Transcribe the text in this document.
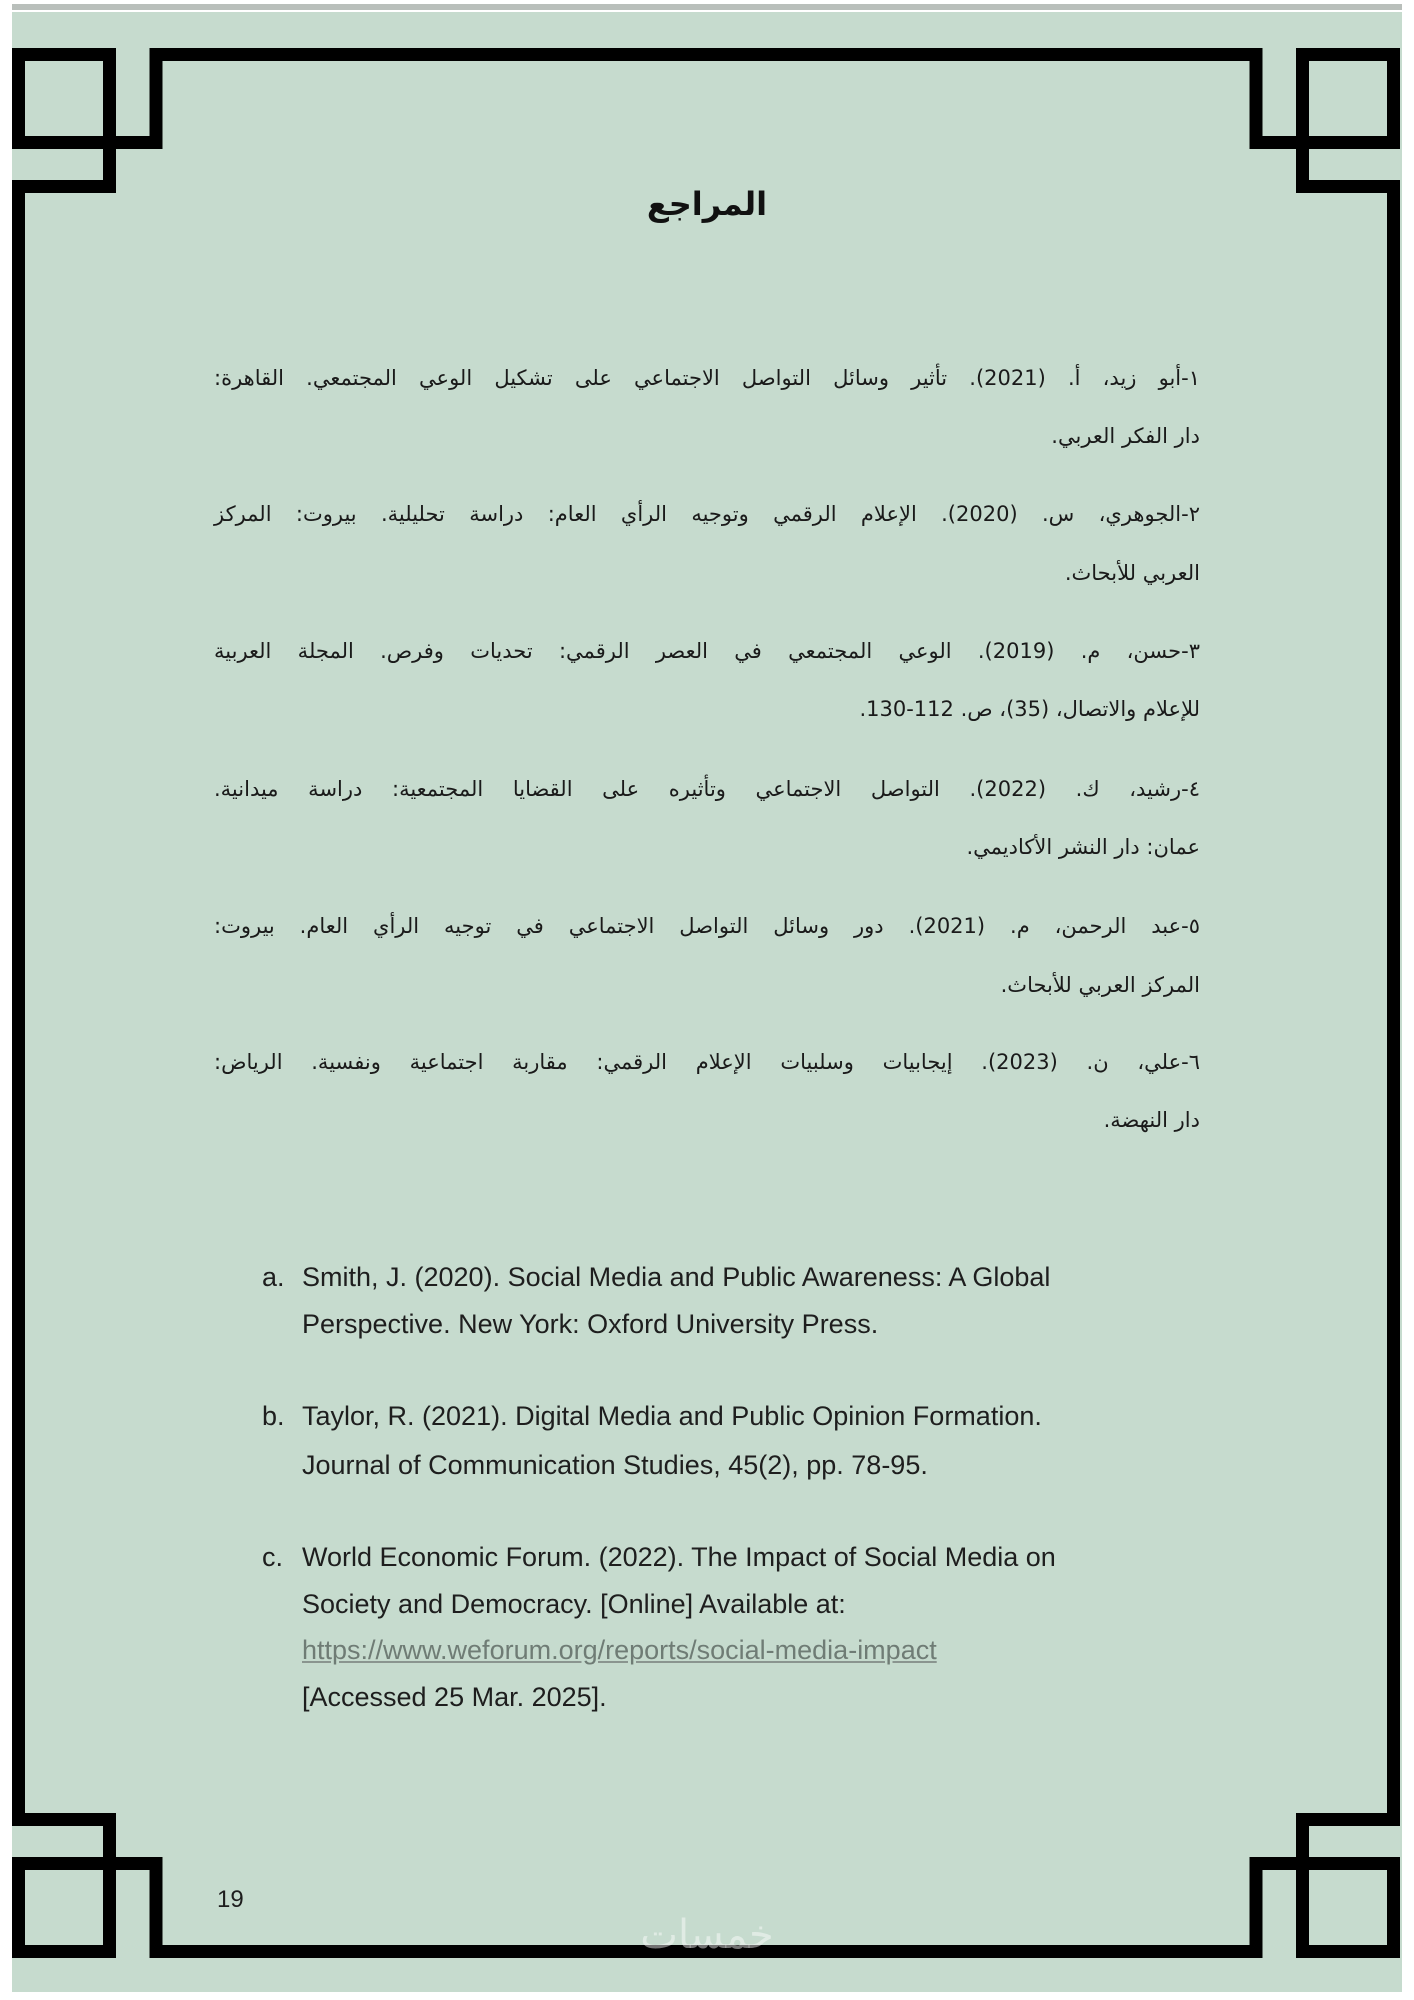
المراجع
١-أبو زيد، أ. (2021). تأثير وسائل التواصل الاجتماعي على تشكيل الوعي المجتمعي. القاهرة:
دار الفكر العربي.
٢-الجوهري، س. (2020). الإعلام الرقمي وتوجيه الرأي العام: دراسة تحليلية. بيروت: المركز
العربي للأبحاث.
٣-حسن، م. (2019). الوعي المجتمعي في العصر الرقمي: تحديات وفرص. المجلة العربية
للإعلام والاتصال، (35)، ص. 112-130.
٤-رشيد، ك. (2022). التواصل الاجتماعي وتأثيره على القضايا المجتمعية: دراسة ميدانية.
عمان: دار النشر الأكاديمي.
٥-عبد الرحمن، م. (2021). دور وسائل التواصل الاجتماعي في توجيه الرأي العام. بيروت:
المركز العربي للأبحاث.
٦-علي، ن. (2023). إيجابيات وسلبيات الإعلام الرقمي: مقاربة اجتماعية ونفسية. الرياض:
دار النهضة.
a. Smith, J. (2020). Social Media and Public Awareness: A Global
Perspective. New York: Oxford University Press.
b. Taylor, R. (2021). Digital Media and Public Opinion Formation.
Journal of Communication Studies, 45(2), pp. 78-95.
c. World Economic Forum. (2022). The Impact of Social Media on
Society and Democracy. [Online] Available at:
https://www.weforum.org/reports/social-media-impact
[Accessed 25 Mar. 2025].
19
خمسات
